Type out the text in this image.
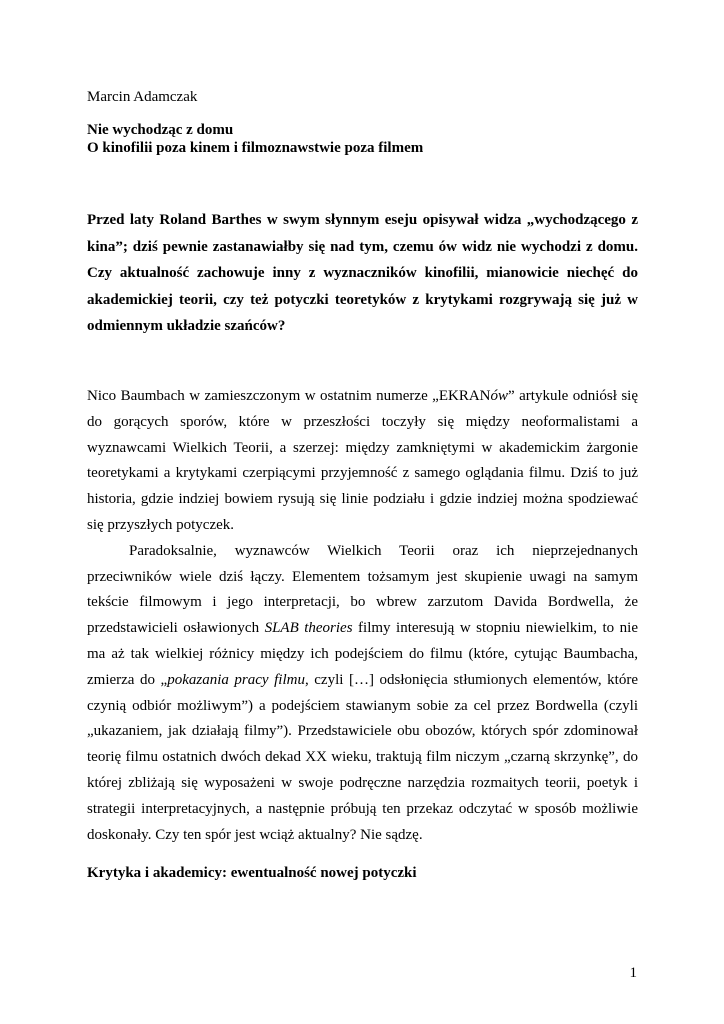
Marcin Adamczak
Nie wychodząc z domu
O kinofilii poza kinem i filmoznawstwie poza filmem
Przed laty Roland Barthes w swym słynnym eseju opisywał widza „wychodzącego z kina”; dziś pewnie zastanawiałby się nad tym, czemu ów widz nie wychodzi z domu. Czy aktualność zachowuje inny z wyznaczników kinofilii, mianowicie niechęć do akademickiej teorii, czy też potyczki teoretyków z krytykami rozgrywają się już w odmiennym układzie szańców?

Nico Baumbach w zamieszczonym w ostatnim numerze „EKRANów” artykule odniósł się do gorących sporów, które w przeszłości toczyły się między neoformalistami a wyznawcami Wielkich Teorii, a szerzej: między zamkniętymi w akademickim żargonie teoretykami a krytykami czerpiącymi przyjemność z samego oglądania filmu. Dziś to już historia, gdzie indziej bowiem rysują się linie podziału i gdzie indziej można spodziewać się przyszłych potyczek.

Paradoksalnie, wyznawców Wielkich Teorii oraz ich nieprzejednanych przeciwników wiele dziś łączy. Elementem tożsamym jest skupienie uwagi na samym tekście filmowym i jego interpretacji, bo wbrew zarzutom Davida Bordwella, że przedstawicieli osławionych SLAB theories filmy interesują w stopniu niewielkim, to nie ma aż tak wielkiej różnicy między ich podejściem do filmu (które, cytując Baumbacha, zmierza do „pokazania pracy filmu, czyli […] odsłonięcia stłumionych elementów, które czynią odbiór możliwym”) a podejściem stawianym sobie za cel przez Bordwella (czyli „ukazaniem, jak działają filmy”). Przedstawiciele obu obozów, których spór zdominował teorię filmu ostatnich dwóch dekad XX wieku, traktują film niczym „czarną skrzynkę”, do której zbliżają się wyposażeni w swoje podręczne narzędzia rozmaitych teorii, poetyk i strategii interpretacyjnych, a następnie próbują ten przekaz odczytać w sposób możliwie doskonały. Czy ten spór jest wciąż aktualny? Nie sądzę.

Krytyka i akademicy: ewentualność nowej potyczki
1
